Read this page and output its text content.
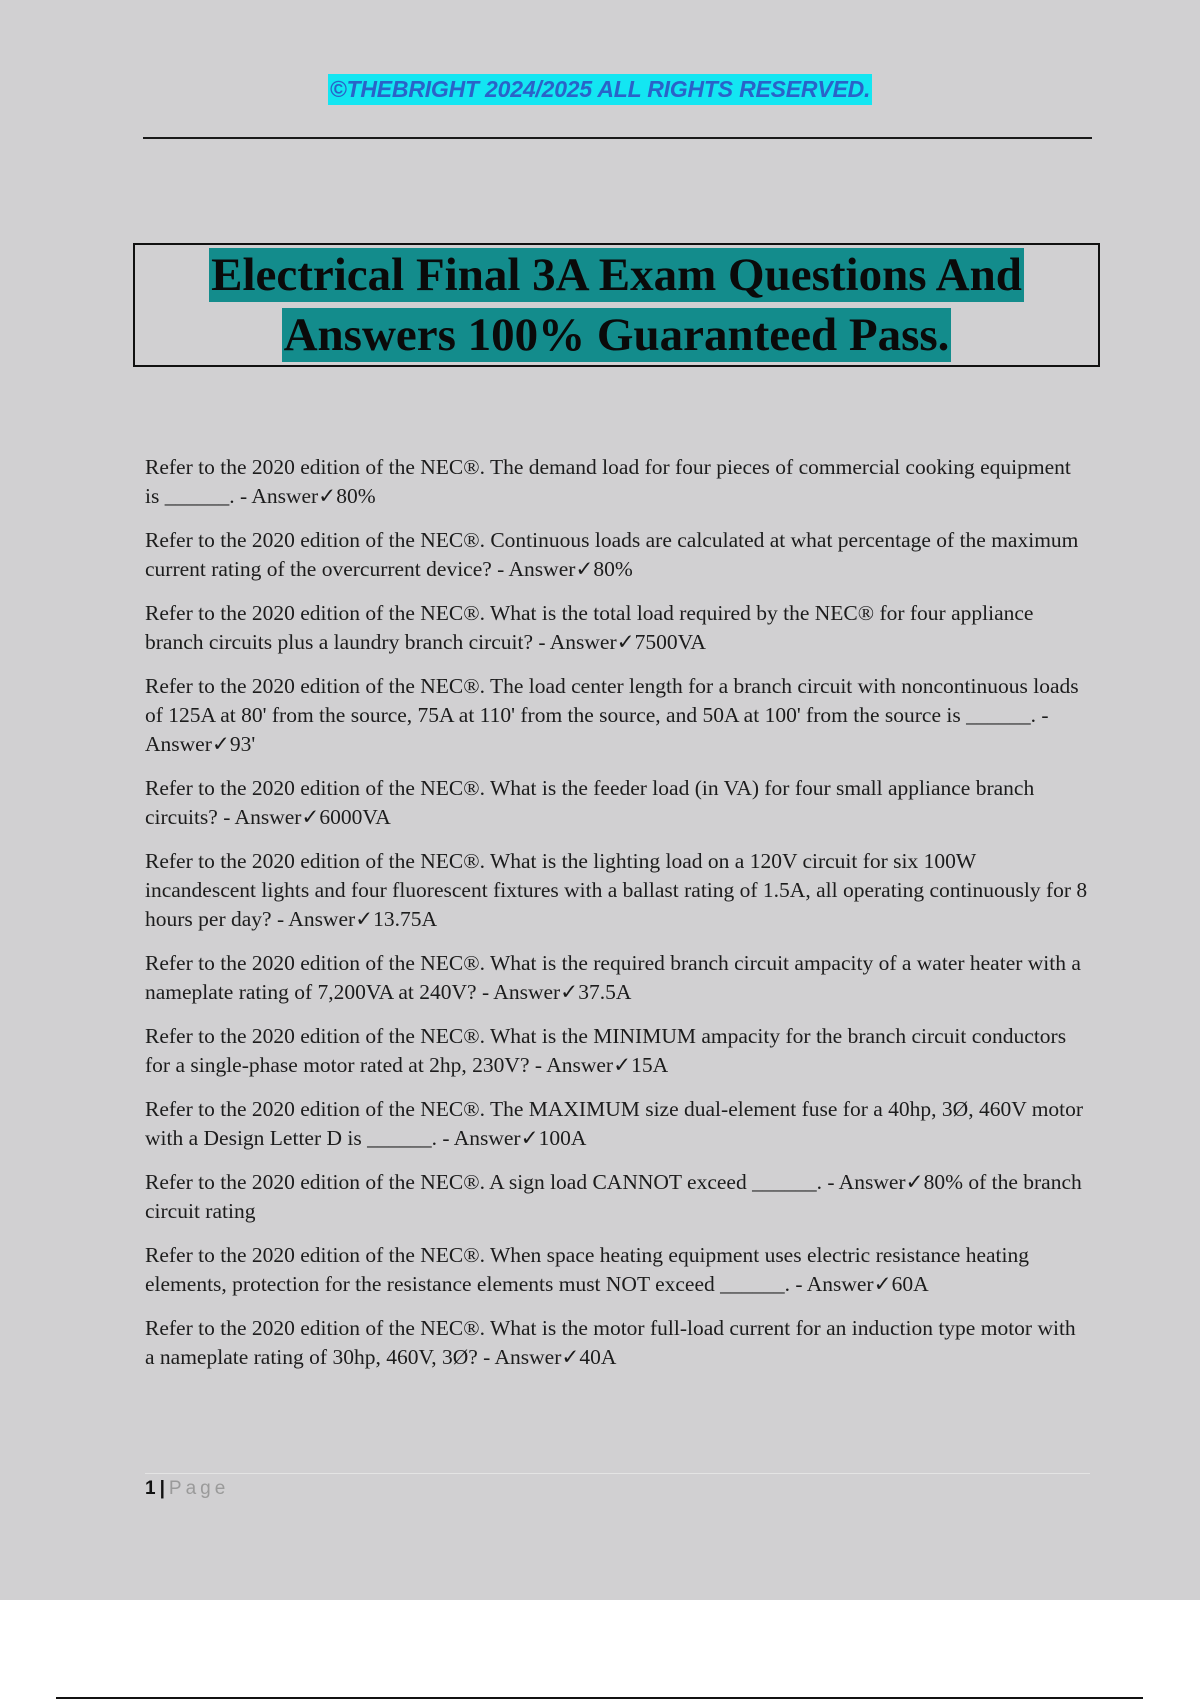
©THEBRIGHT 2024/2025 ALL RIGHTS RESERVED.
Electrical Final 3A Exam Questions And
Answers 100% Guaranteed Pass.

Refer to the 2020 edition of the NEC®. The demand load for four pieces of commercial cooking equipment is ______. - Answer✓80%

Refer to the 2020 edition of the NEC®. Continuous loads are calculated at what percentage of the maximum current rating of the overcurrent device? - Answer✓80%

Refer to the 2020 edition of the NEC®. What is the total load required by the NEC® for four appliance branch circuits plus a laundry branch circuit? - Answer✓7500VA

Refer to the 2020 edition of the NEC®. The load center length for a branch circuit with noncontinuous loads of 125A at 80' from the source, 75A at 110' from the source, and 50A at 100' from the source is ______. - Answer✓93'

Refer to the 2020 edition of the NEC®. What is the feeder load (in VA) for four small appliance branch circuits? - Answer✓6000VA

Refer to the 2020 edition of the NEC®. What is the lighting load on a 120V circuit for six 100W incandescent lights and four fluorescent fixtures with a ballast rating of 1.5A, all operating continuously for 8 hours per day? - Answer✓13.75A

Refer to the 2020 edition of the NEC®. What is the required branch circuit ampacity of a water heater with a nameplate rating of 7,200VA at 240V? - Answer✓37.5A

Refer to the 2020 edition of the NEC®. What is the MINIMUM ampacity for the branch circuit conductors for a single-phase motor rated at 2hp, 230V? - Answer✓15A

Refer to the 2020 edition of the NEC®. The MAXIMUM size dual-element fuse for a 40hp, 3Ø, 460V motor with a Design Letter D is ______. - Answer✓100A

Refer to the 2020 edition of the NEC®. A sign load CANNOT exceed ______. - Answer✓80% of the branch circuit rating

Refer to the 2020 edition of the NEC®. When space heating equipment uses electric resistance heating elements, protection for the resistance elements must NOT exceed ______. - Answer✓60A

Refer to the 2020 edition of the NEC®. What is the motor full-load current for an induction type motor with a nameplate rating of 30hp, 460V, 3Ø? - Answer✓40A

1 | Page
